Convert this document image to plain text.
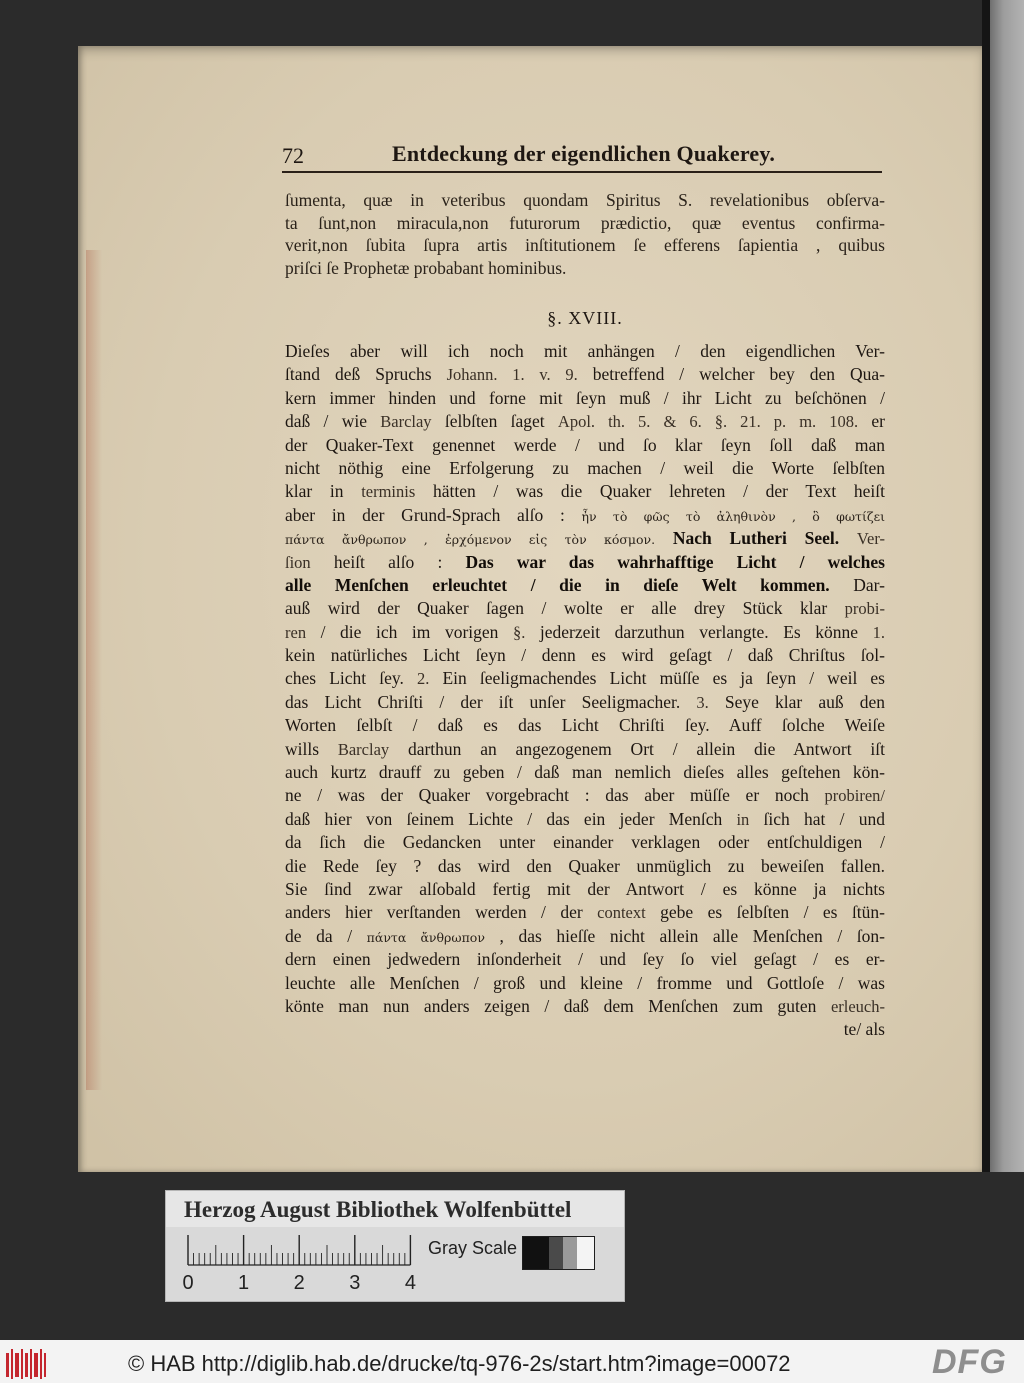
72	Entdeckung der eigendlichen Quakerey.
ſumenta, quæ in veteribus quondam Spiritus S. revelationibus obſerva-
ta ſunt,non miracula,non futurorum prædictio, quæ eventus confirma-
verit,non ſubita ſupra artis inſtitutionem ſe efferens ſapientia , quibus
priſci ſe Prophetæ probabant hominibus.
§. XVIII.
Dieſes aber will ich noch mit anhängen / den eigendlichen Ver-
ſtand deß Spruchs Johann. 1. v. 9. betreffend / welcher bey den Qua-
kern immer hinden und forne mit ſeyn muß / ihr Licht zu beſchönen /
daß / wie Barclay ſelbſten ſaget Apol. th. 5. & 6. §. 21. p. m. 108. er
der Quaker-Text genennet werde / und ſo klar ſeyn ſoll daß man
nicht nöthig eine Erfolgerung zu machen / weil die Worte ſelbſten
klar in terminis hätten / was die Quaker lehreten / der Text heiſt
aber in der Grund-Sprach alſo : ἦν τὸ φῶς τὸ ἀληθινὸν , ὃ φωτίζει
πάντα ἄνθρωπον , ἐρχόμενον εἰς τὸν κόσμον. Nach Lutheri Seel. Ver-
ſion heiſt alſo : Das war das wahrhafftige Licht / welches
alle Menſchen erleuchtet / die in dieſe Welt kommen. Dar-
auß wird der Quaker ſagen / wolte er alle drey Stück klar probi-
ren / die ich im vorigen §. jederzeit darzuthun verlangte. Es könne 1.
kein natürliches Licht ſeyn / denn es wird geſagt / daß Chriſtus ſol-
ches Licht ſey. 2. Ein ſeeligmachendes Licht müſſe es ja ſeyn / weil es
das Licht Chriſti / der iſt unſer Seeligmacher. 3. Seye klar auß den
Worten ſelbſt / daß es das Licht Chriſti ſey. Auff ſolche Weiſe
wills Barclay darthun an angezogenem Ort / allein die Antwort iſt
auch kurtz drauff zu geben / daß man nemlich dieſes alles geſtehen kön-
ne / was der Quaker vorgebracht : das aber müſſe er noch probiren/
daß hier von ſeinem Lichte / das ein jeder Menſch in ſich hat / und
da ſich die Gedancken unter einander verklagen oder entſchuldigen /
die Rede ſey ? das wird den Quaker unmüglich zu beweiſen fallen.
Sie ſind zwar alſobald fertig mit der Antwort / es könne ja nichts
anders hier verſtanden werden / der context gebe es ſelbſten / es ſtün-
de da / πάντα ἄνθρωπον , das hieſſe nicht allein alle Menſchen / ſon-
dern einen jedwedern inſonderheit / und ſey ſo viel geſagt / es er-
leuchte alle Menſchen / groß und kleine / fromme und Gottloſe / was
könte man nun anders zeigen / daß dem Menſchen zum guten erleuch-
te/ als
Herzog August Bibliothek Wolfenbüttel
0 1 2 3 4
Gray Scale
© HAB http://diglib.hab.de/drucke/tq-976-2s/start.htm?image=00072	DFG
